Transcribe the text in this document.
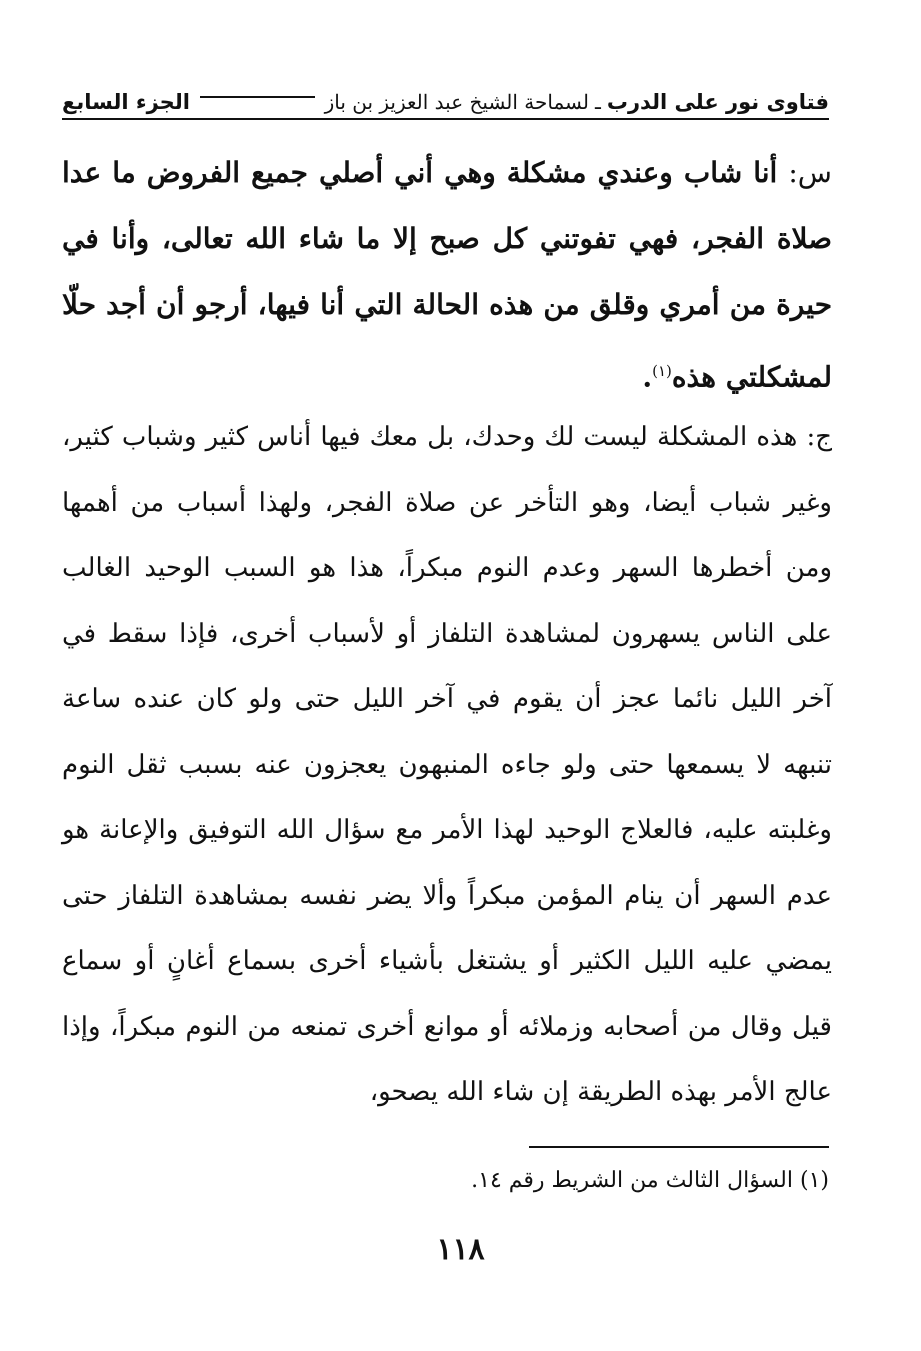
فتاوى نور على الدرب
ـ
لسماحة الشيخ عبد العزيز بن باز
الجزء السابع

س: أنا شاب وعندي مشكلة وهي أني أصلي جميع الفروض ما عدا صلاة الفجر، فهي تفوتني كل صبح إلا ما شاء الله تعالى، وأنا في حيرة من أمري وقلق من هذه الحالة التي أنا فيها، أرجو أن أجد حلّا لمشكلتي هذه$^{(١)}$.

ج: هذه المشكلة ليست لك وحدك، بل معك فيها أناس كثير وشباب كثير، وغير شباب أيضا، وهو التأخر عن صلاة الفجر، ولهذا أسباب من أهمها ومن أخطرها السهر وعدم النوم مبكراً، هذا هو السبب الوحيد الغالب على الناس يسهرون لمشاهدة التلفاز أو لأسباب أخرى، فإذا سقط في آخر الليل نائما عجز أن يقوم في آخر الليل حتى ولو كان عنده ساعة تنبهه لا يسمعها حتى ولو جاءه المنبهون يعجزون عنه بسبب ثقل النوم وغلبته عليه، فالعلاج الوحيد لهذا الأمر مع سؤال الله التوفيق والإعانة هو عدم السهر أن ينام المؤمن مبكراً وألا يضر نفسه بمشاهدة التلفاز حتى يمضي عليه الليل الكثير أو يشتغل بأشياء أخرى بسماع أغانٍ أو سماع قيل وقال من أصحابه وزملائه أو موانع أخرى تمنعه من النوم مبكراً، وإذا عالج الأمر بهذه الطريقة إن شاء الله يصحو،

(١) السؤال الثالث من الشريط رقم ١٤.

١١٨
